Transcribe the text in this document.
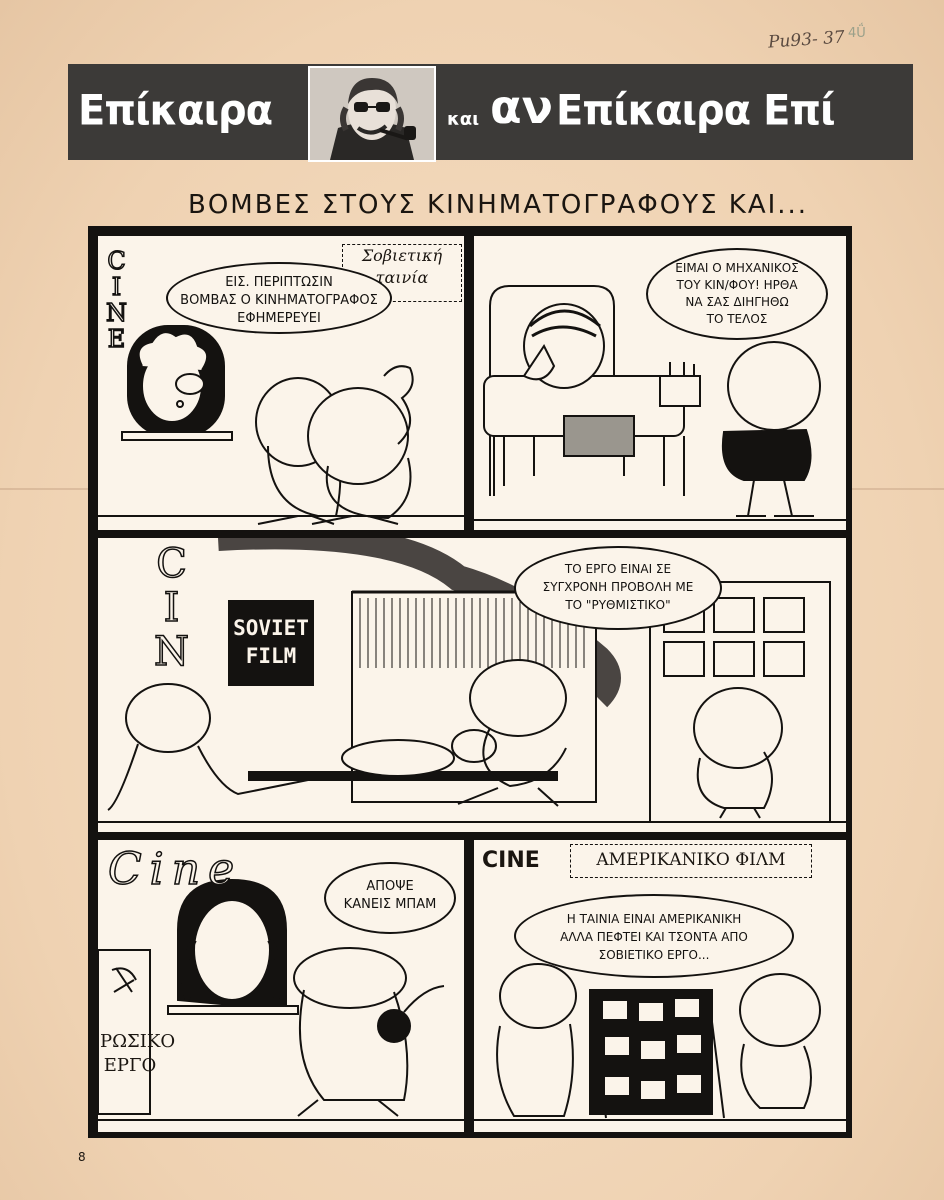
Pu93- 37 4Ǘ
Επίκαιρα	και αν Επίκαιρα Επί
ΒΟΜΒΕΣ ΣΤΟΥΣ ΚΙΝΗΜΑΤΟΓΡΑΦΟΥΣ ΚΑΙ...
C
I
N
E
Σοβιετική
ταινία
ΕΙΣ. ΠΕΡΙΠΤΩΣΙΝ
ΒΟΜΒΑΣ Ο ΚΙΝΗΜΑΤΟΓΡΑΦΟΣ
ΕΦΗΜΕΡΕΥΕΙ
ΕΙΜΑΙ Ο ΜΗΧΑΝΙΚΟΣ
ΤΟΥ ΚΙΝ/ΦΟΥ! ΗΡΘΑ
ΝΑ ΣΑΣ ΔΙΗΓΗΘΩ
ΤΟ ΤΕΛΟΣ
C
I
N
SOVIET
FILM
ΤΟ ΕΡΓΟ ΕΙΝΑΙ ΣΕ
ΣΥΓΧΡΟΝΗ ΠΡΟΒΟΛΗ ΜΕ
ΤΟ "ΡΥΘΜΙΣΤΙΚΟ"
Cine
ΡΩΣΙΚΟ
ΕΡΓΟ
ΑΠΟΨΕ
ΚΑΝΕΙΣ ΜΠΑΜ
CINE	ΑΜΕΡΙΚΑΝΙΚΟ ΦΙΛΜ
Η ΤΑΙΝΙΑ ΕΙΝΑΙ ΑΜΕΡΙΚΑΝΙΚΗ
ΑΛΛΑ ΠΕΦΤΕΙ ΚΑΙ ΤΣΟΝΤΑ ΑΠΟ
ΣΟΒΙΕΤΙΚΟ ΕΡΓΟ...
8
